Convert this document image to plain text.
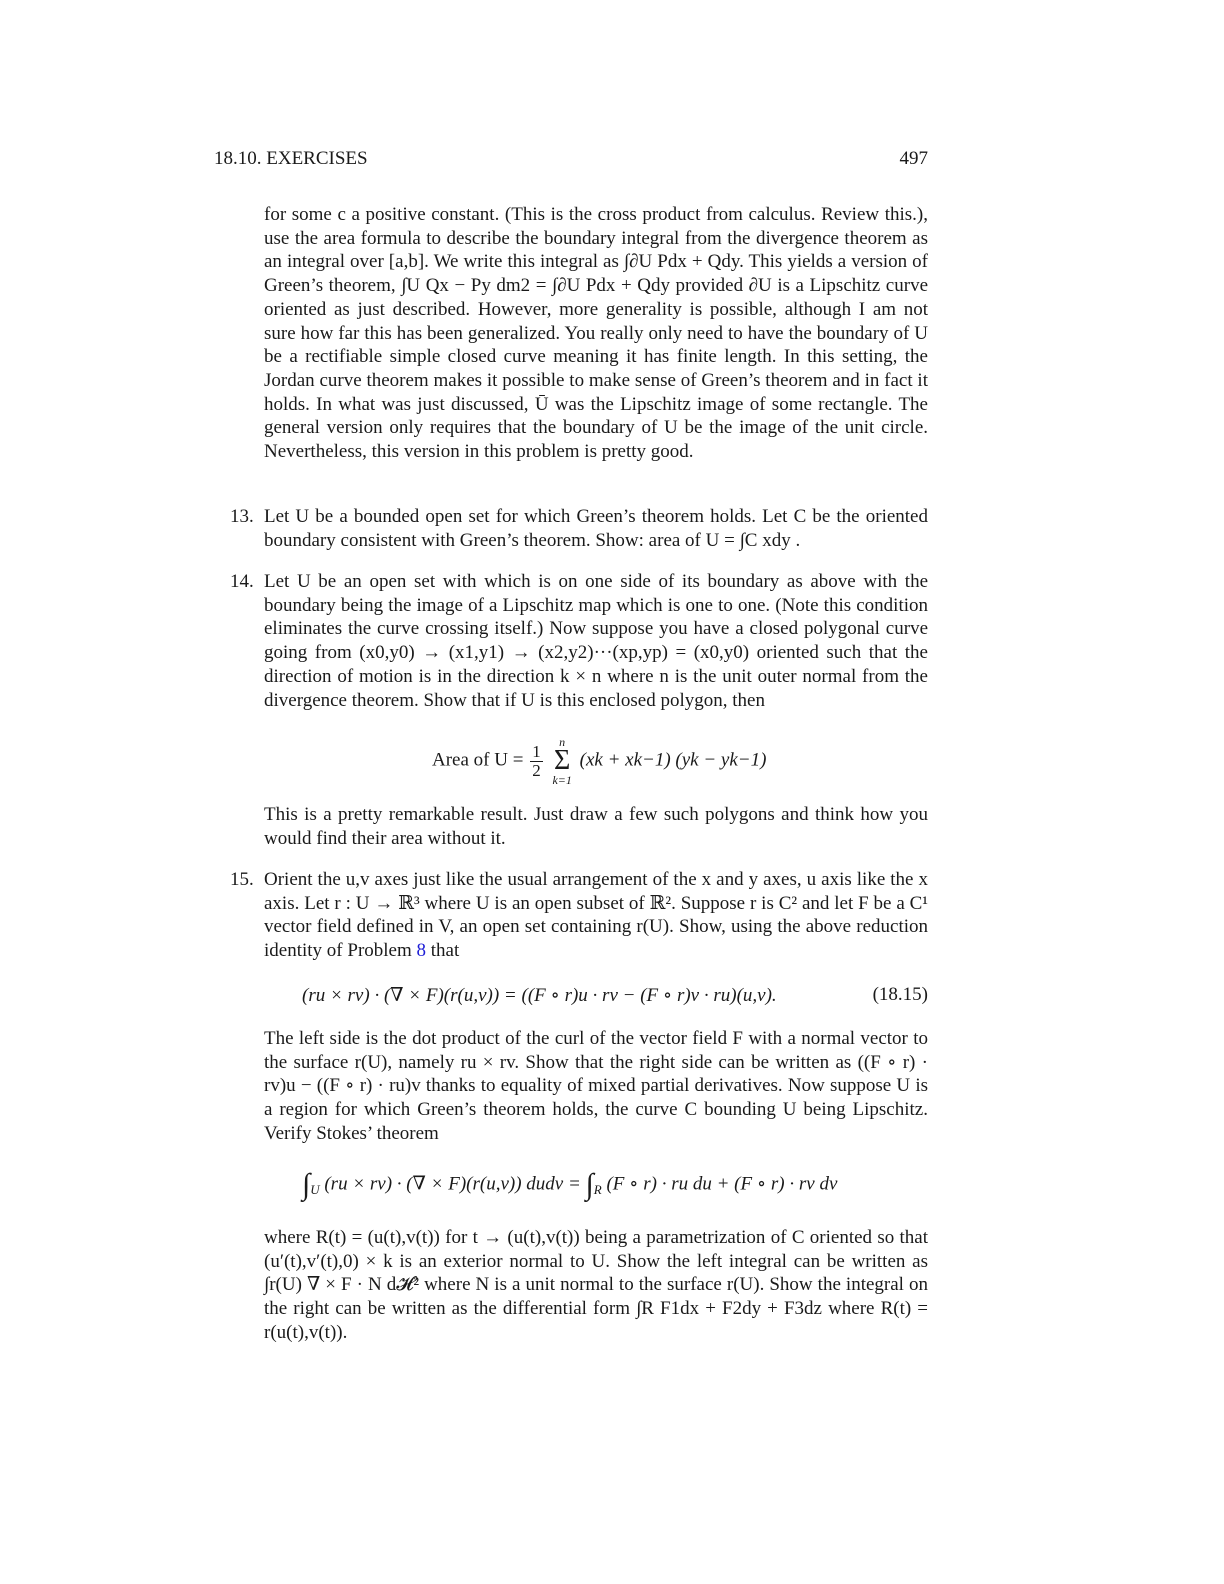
18.10. EXERCISES	497
for some c a positive constant. (This is the cross product from calculus. Review this.), use the area formula to describe the boundary integral from the divergence theorem as an integral over [a,b]. We write this integral as ∫∂U Pdx + Qdy. This yields a version of Green’s theorem, ∫U Qx − Py dm2 = ∫∂U Pdx + Qdy provided ∂U is a Lipschitz curve oriented as just described. However, more generality is possible, although I am not sure how far this has been generalized. You really only need to have the boundary of U be a rectifiable simple closed curve meaning it has finite length. In this setting, the Jordan curve theorem makes it possible to make sense of Green’s theorem and in fact it holds. In what was just discussed, Ū was the Lipschitz image of some rectangle. The general version only requires that the boundary of U be the image of the unit circle. Nevertheless, this version in this problem is pretty good.
13. Let U be a bounded open set for which Green’s theorem holds. Let C be the oriented boundary consistent with Green’s theorem. Show: area of U = ∫C xdy .
14. Let U be an open set with which is on one side of its boundary as above with the boundary being the image of a Lipschitz map which is one to one. (Note this condition eliminates the curve crossing itself.) Now suppose you have a closed polygonal curve going from (x0,y0) → (x1,y1) → (x2,y2)···(xp,yp) = (x0,y0) oriented such that the direction of motion is in the direction k × n where n is the unit outer normal from the divergence theorem. Show that if U is this enclosed polygon, then
Area of $U = \frac{1}{2}$

n
Σ
k=1
(xk + xk−1) (yk − yk−1)
This is a pretty remarkable result. Just draw a few such polygons and think how you would find their area without it.
15. Orient the u,v axes just like the usual arrangement of the x and y axes, u axis like the x axis. Let r : U → ℝ³ where U is an open subset of ℝ². Suppose r is C² and let F be a C¹ vector field defined in V, an open set containing r(U). Show, using the above reduction identity of Problem 8 that
(ru × rv) · (∇ × F)(r(u,v)) = ((F ∘ r)u · rv − (F ∘ r)v · ru)(u,v).	(18.15)
The left side is the dot product of the curl of the vector field F with a normal vector to the surface r(U), namely ru × rv. Show that the right side can be written as ((F ∘ r) · rv)u − ((F ∘ r) · ru)v thanks to equality of mixed partial derivatives. Now suppose U is a region for which Green’s theorem holds, the curve C bounding U being Lipschitz. Verify Stokes’ theorem
$\int_U$ (ru × rv) · (∇ × F)(r(u,v)) dudv = $\int_R$ (F ∘ r) · ru du + (F ∘ r) · rv dv
where R(t) = (u(t),v(t)) for t → (u(t),v(t)) being a parametrization of C oriented so that (u′(t),v′(t),0) × k is an exterior normal to U. Show the left integral can be written as ∫r(U) ∇ × F · N d𝓗² where N is a unit normal to the surface r(U). Show the integral on the right can be written as the differential form ∫R F1dx + F2dy + F3dz where R(t) = r(u(t),v(t)).
